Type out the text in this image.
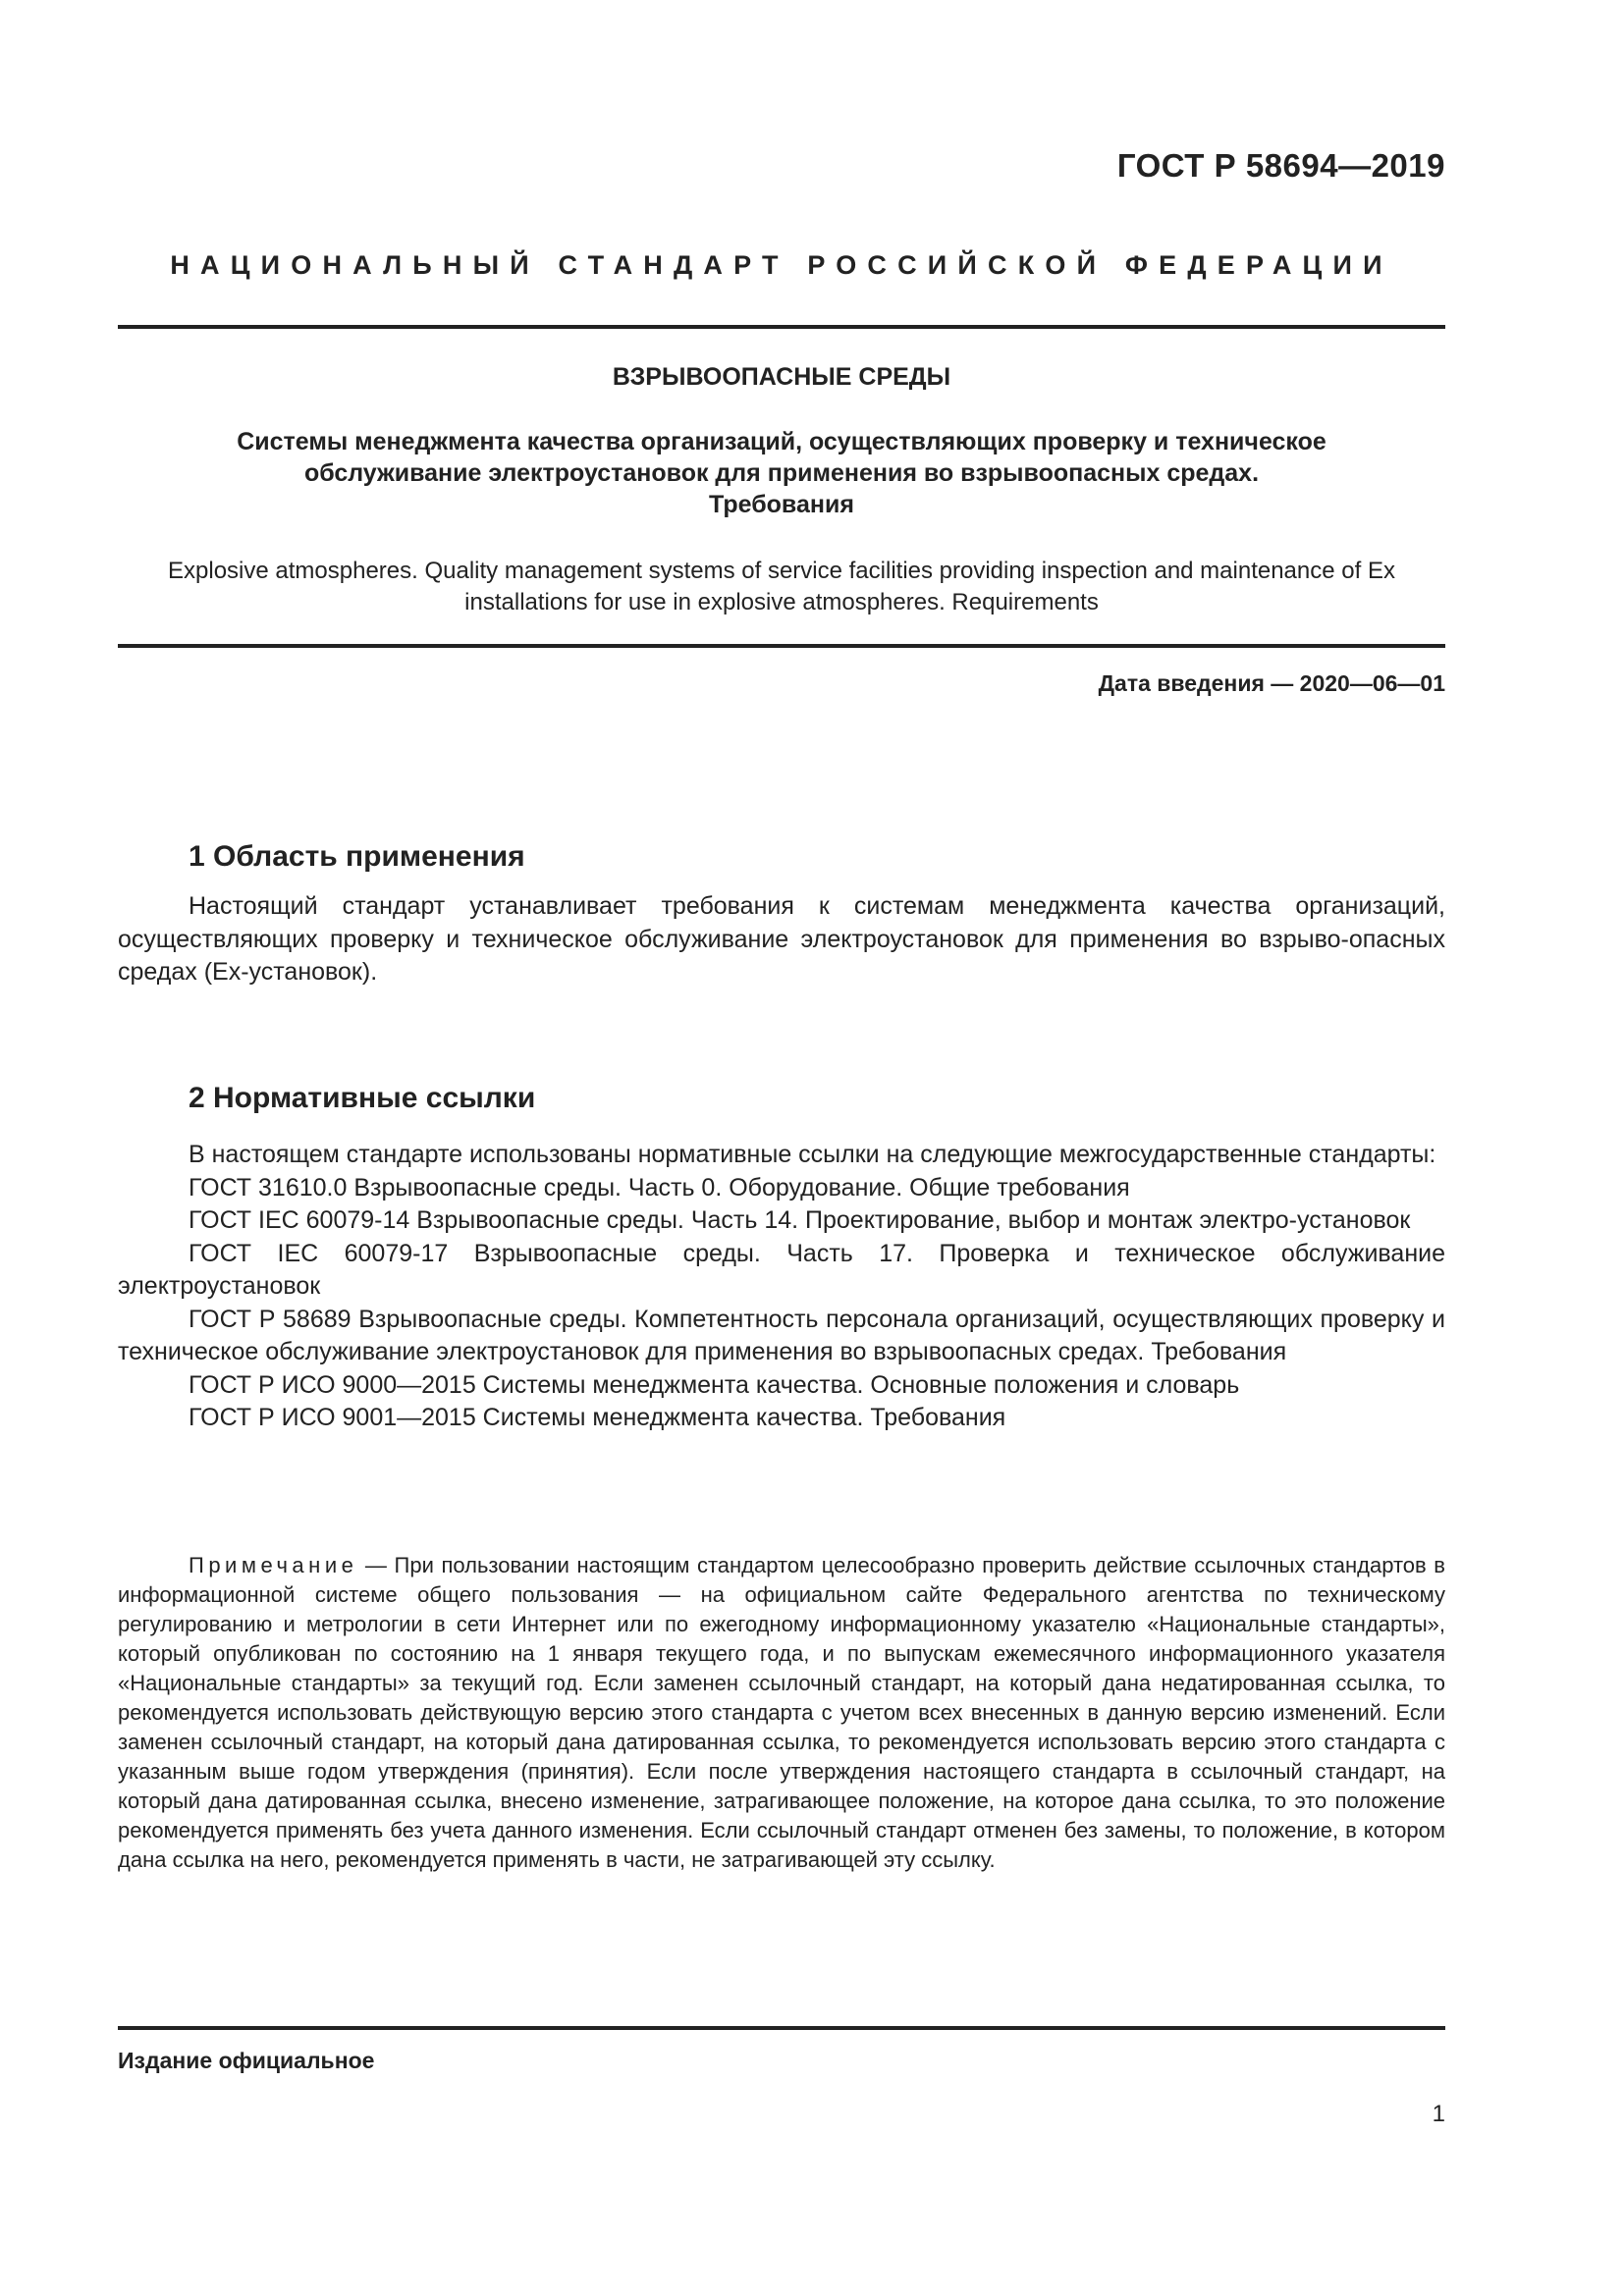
ГОСТ Р 58694—2019
НАЦИОНАЛЬНЫЙ СТАНДАРТ РОССИЙСКОЙ ФЕДЕРАЦИИ
ВЗРЫВООПАСНЫЕ СРЕДЫ
Системы менеджмента качества организаций, осуществляющих проверку и техническое
обслуживание электроустановок для применения во взрывоопасных средах.
Требования
Explosive atmospheres. Quality management systems of service facilities providing inspection and maintenance of Ex
installations for use in explosive atmospheres. Requirements
Дата введения — 2020—06—01
1 Область применения

Настоящий стандарт устанавливает требования к системам менеджмента качества организаций, осуществляющих проверку и техническое обслуживание электроустановок для применения во взрыво-опасных средах (Ех-установок).

2 Нормативные ссылки

В настоящем стандарте использованы нормативные ссылки на следующие межгосударственные стандарты:

ГОСТ 31610.0 Взрывоопасные среды. Часть 0. Оборудование. Общие требования

ГОСТ IEC 60079-14 Взрывоопасные среды. Часть 14. Проектирование, выбор и монтаж электро-установок

ГОСТ IEC 60079-17 Взрывоопасные среды. Часть 17. Проверка и техническое обслуживание электроустановок

ГОСТ Р 58689 Взрывоопасные среды. Компетентность персонала организаций, осуществляющих проверку и техническое обслуживание электроустановок для применения во взрывоопасных средах. Требования

ГОСТ Р ИСО 9000—2015 Системы менеджмента качества. Основные положения и словарь

ГОСТ Р ИСО 9001—2015 Системы менеджмента качества. Требования

Примечание — При пользовании настоящим стандартом целесообразно проверить действие ссылочных стандартов в информационной системе общего пользования — на официальном сайте Федерального агентства по техническому регулированию и метрологии в сети Интернет или по ежегодному информационному указателю «Национальные стандарты», который опубликован по состоянию на 1 января текущего года, и по выпускам ежемесячного информационного указателя «Национальные стандарты» за текущий год. Если заменен ссылочный стандарт, на который дана недатированная ссылка, то рекомендуется использовать действующую версию этого стандарта с учетом всех внесенных в данную версию изменений. Если заменен ссылочный стандарт, на который дана датированная ссылка, то рекомендуется использовать версию этого стандарта с указанным выше годом утверждения (принятия). Если после утверждения настоящего стандарта в ссылочный стандарт, на который дана датированная ссылка, внесено изменение, затрагивающее положение, на которое дана ссылка, то это положение рекомендуется применять без учета данного изменения. Если ссылочный стандарт отменен без замены, то положение, в котором дана ссылка на него, рекомендуется применять в части, не затрагивающей эту ссылку.
Издание официальное
1
